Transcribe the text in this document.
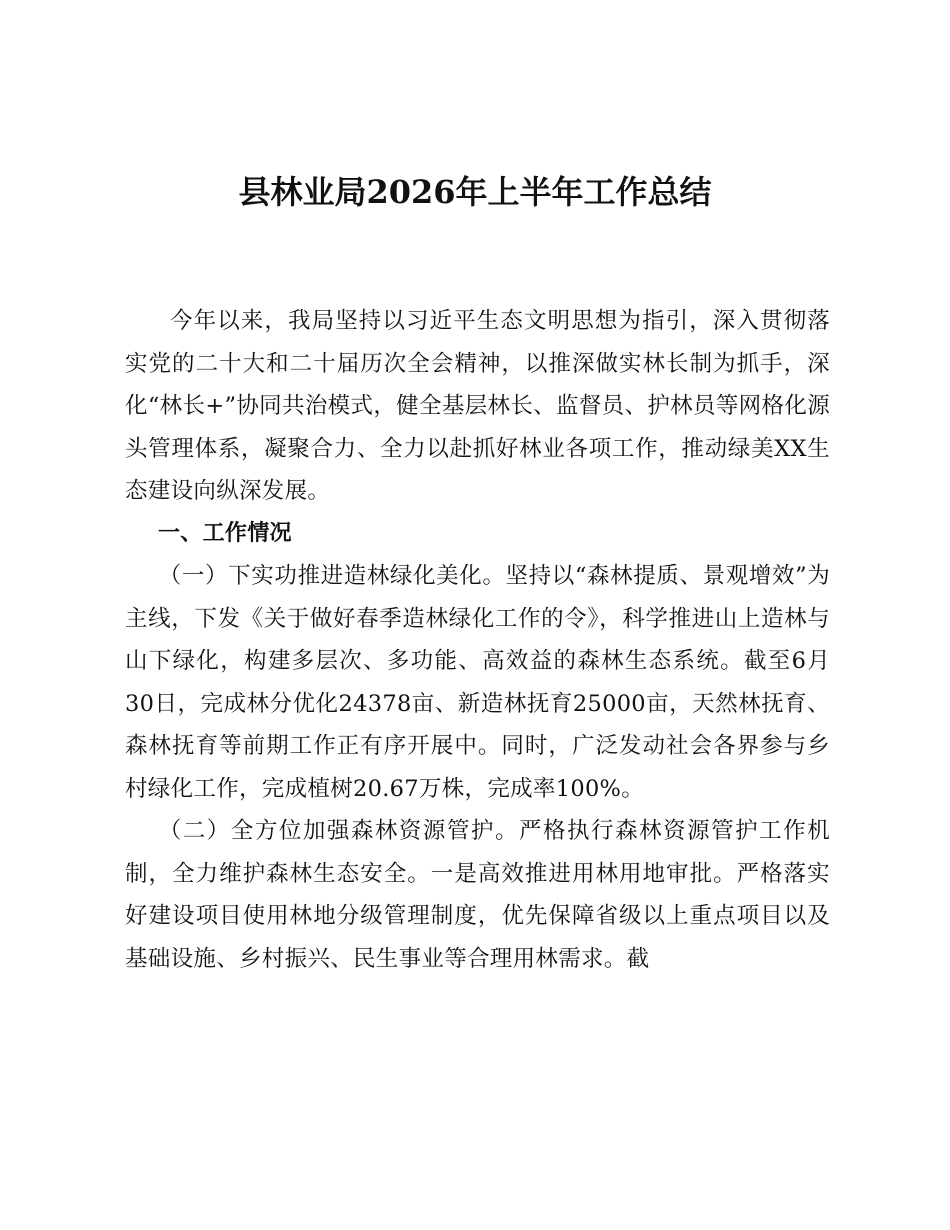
县林业局2026年上半年工作总结

今年以来，我局坚持以习近平生态文明思想为指引，深入贯彻落实党的二十大和二十届历次全会精神，以推深做实林长制为抓手，深化“林长+”协同共治模式，健全基层林长、监督员、护林员等网格化源头管理体系，凝聚合力、全力以赴抓好林业各项工作，推动绿美XX生态建设向纵深发展。

一、工作情况

（一）下实功推进造林绿化美化。坚持以“森林提质、景观增效”为主线，下发《关于做好春季造林绿化工作的令》，科学推进山上造林与山下绿化，构建多层次、多功能、高效益的森林生态系统。截至6月30日，完成林分优化24378亩、新造林抚育25000亩，天然林抚育、森林抚育等前期工作正有序开展中。同时，广泛发动社会各界参与乡村绿化工作，完成植树20.67万株，完成率100%。

（二）全方位加强森林资源管护。严格执行森林资源管护工作机制，全力维护森林生态安全。一是高效推进用林用地审批。严格落实好建设项目使用林地分级管理制度，优先保障省级以上重点项目以及基础设施、乡村振兴、民生事业等合理用林需求。截
